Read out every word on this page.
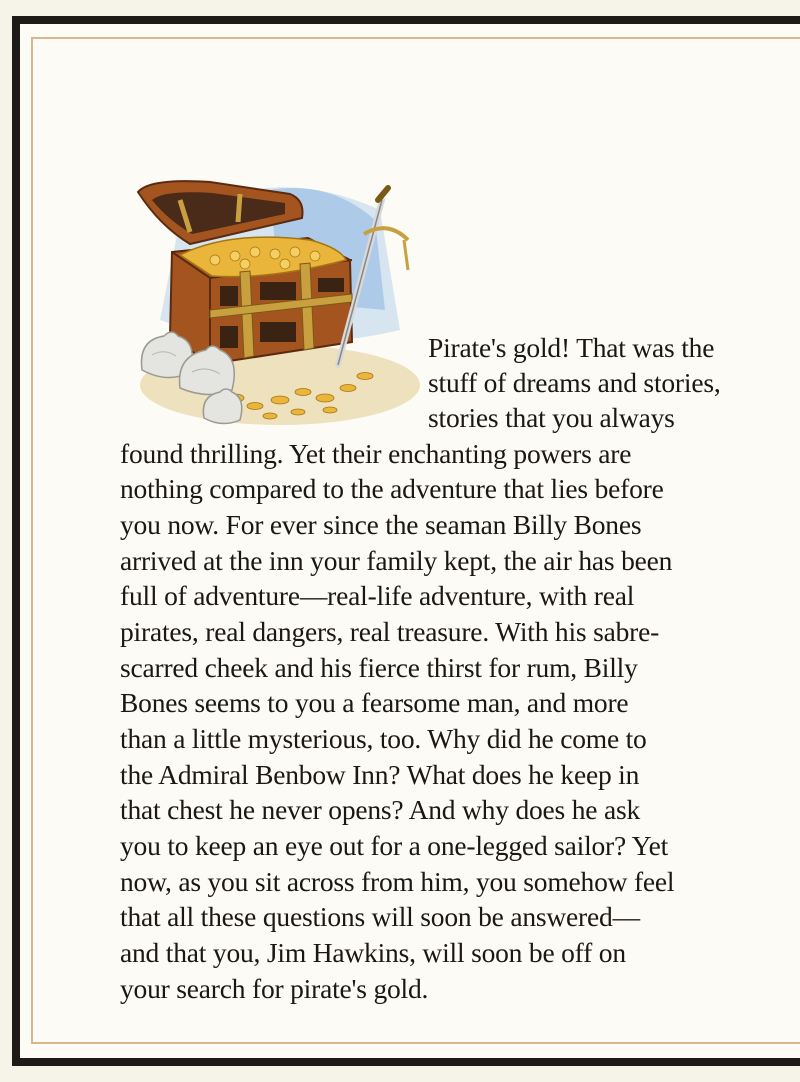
Pirate's gold! That was the
stuff of dreams and stories,
stories that you always
found thrilling. Yet their enchanting powers are
nothing compared to the adventure that lies before
you now. For ever since the seaman Billy Bones
arrived at the inn your family kept, the air has been
full of adventure—real-life adventure, with real
pirates, real dangers, real treasure. With his sabre-
scarred cheek and his fierce thirst for rum, Billy
Bones seems to you a fearsome man, and more
than a little mysterious, too. Why did he come to
the Admiral Benbow Inn? What does he keep in
that chest he never opens? And why does he ask
you to keep an eye out for a one-legged sailor? Yet
now, as you sit across from him, you somehow feel
that all these questions will soon be answered—
and that you, Jim Hawkins, will soon be off on
your search for pirate's gold.
